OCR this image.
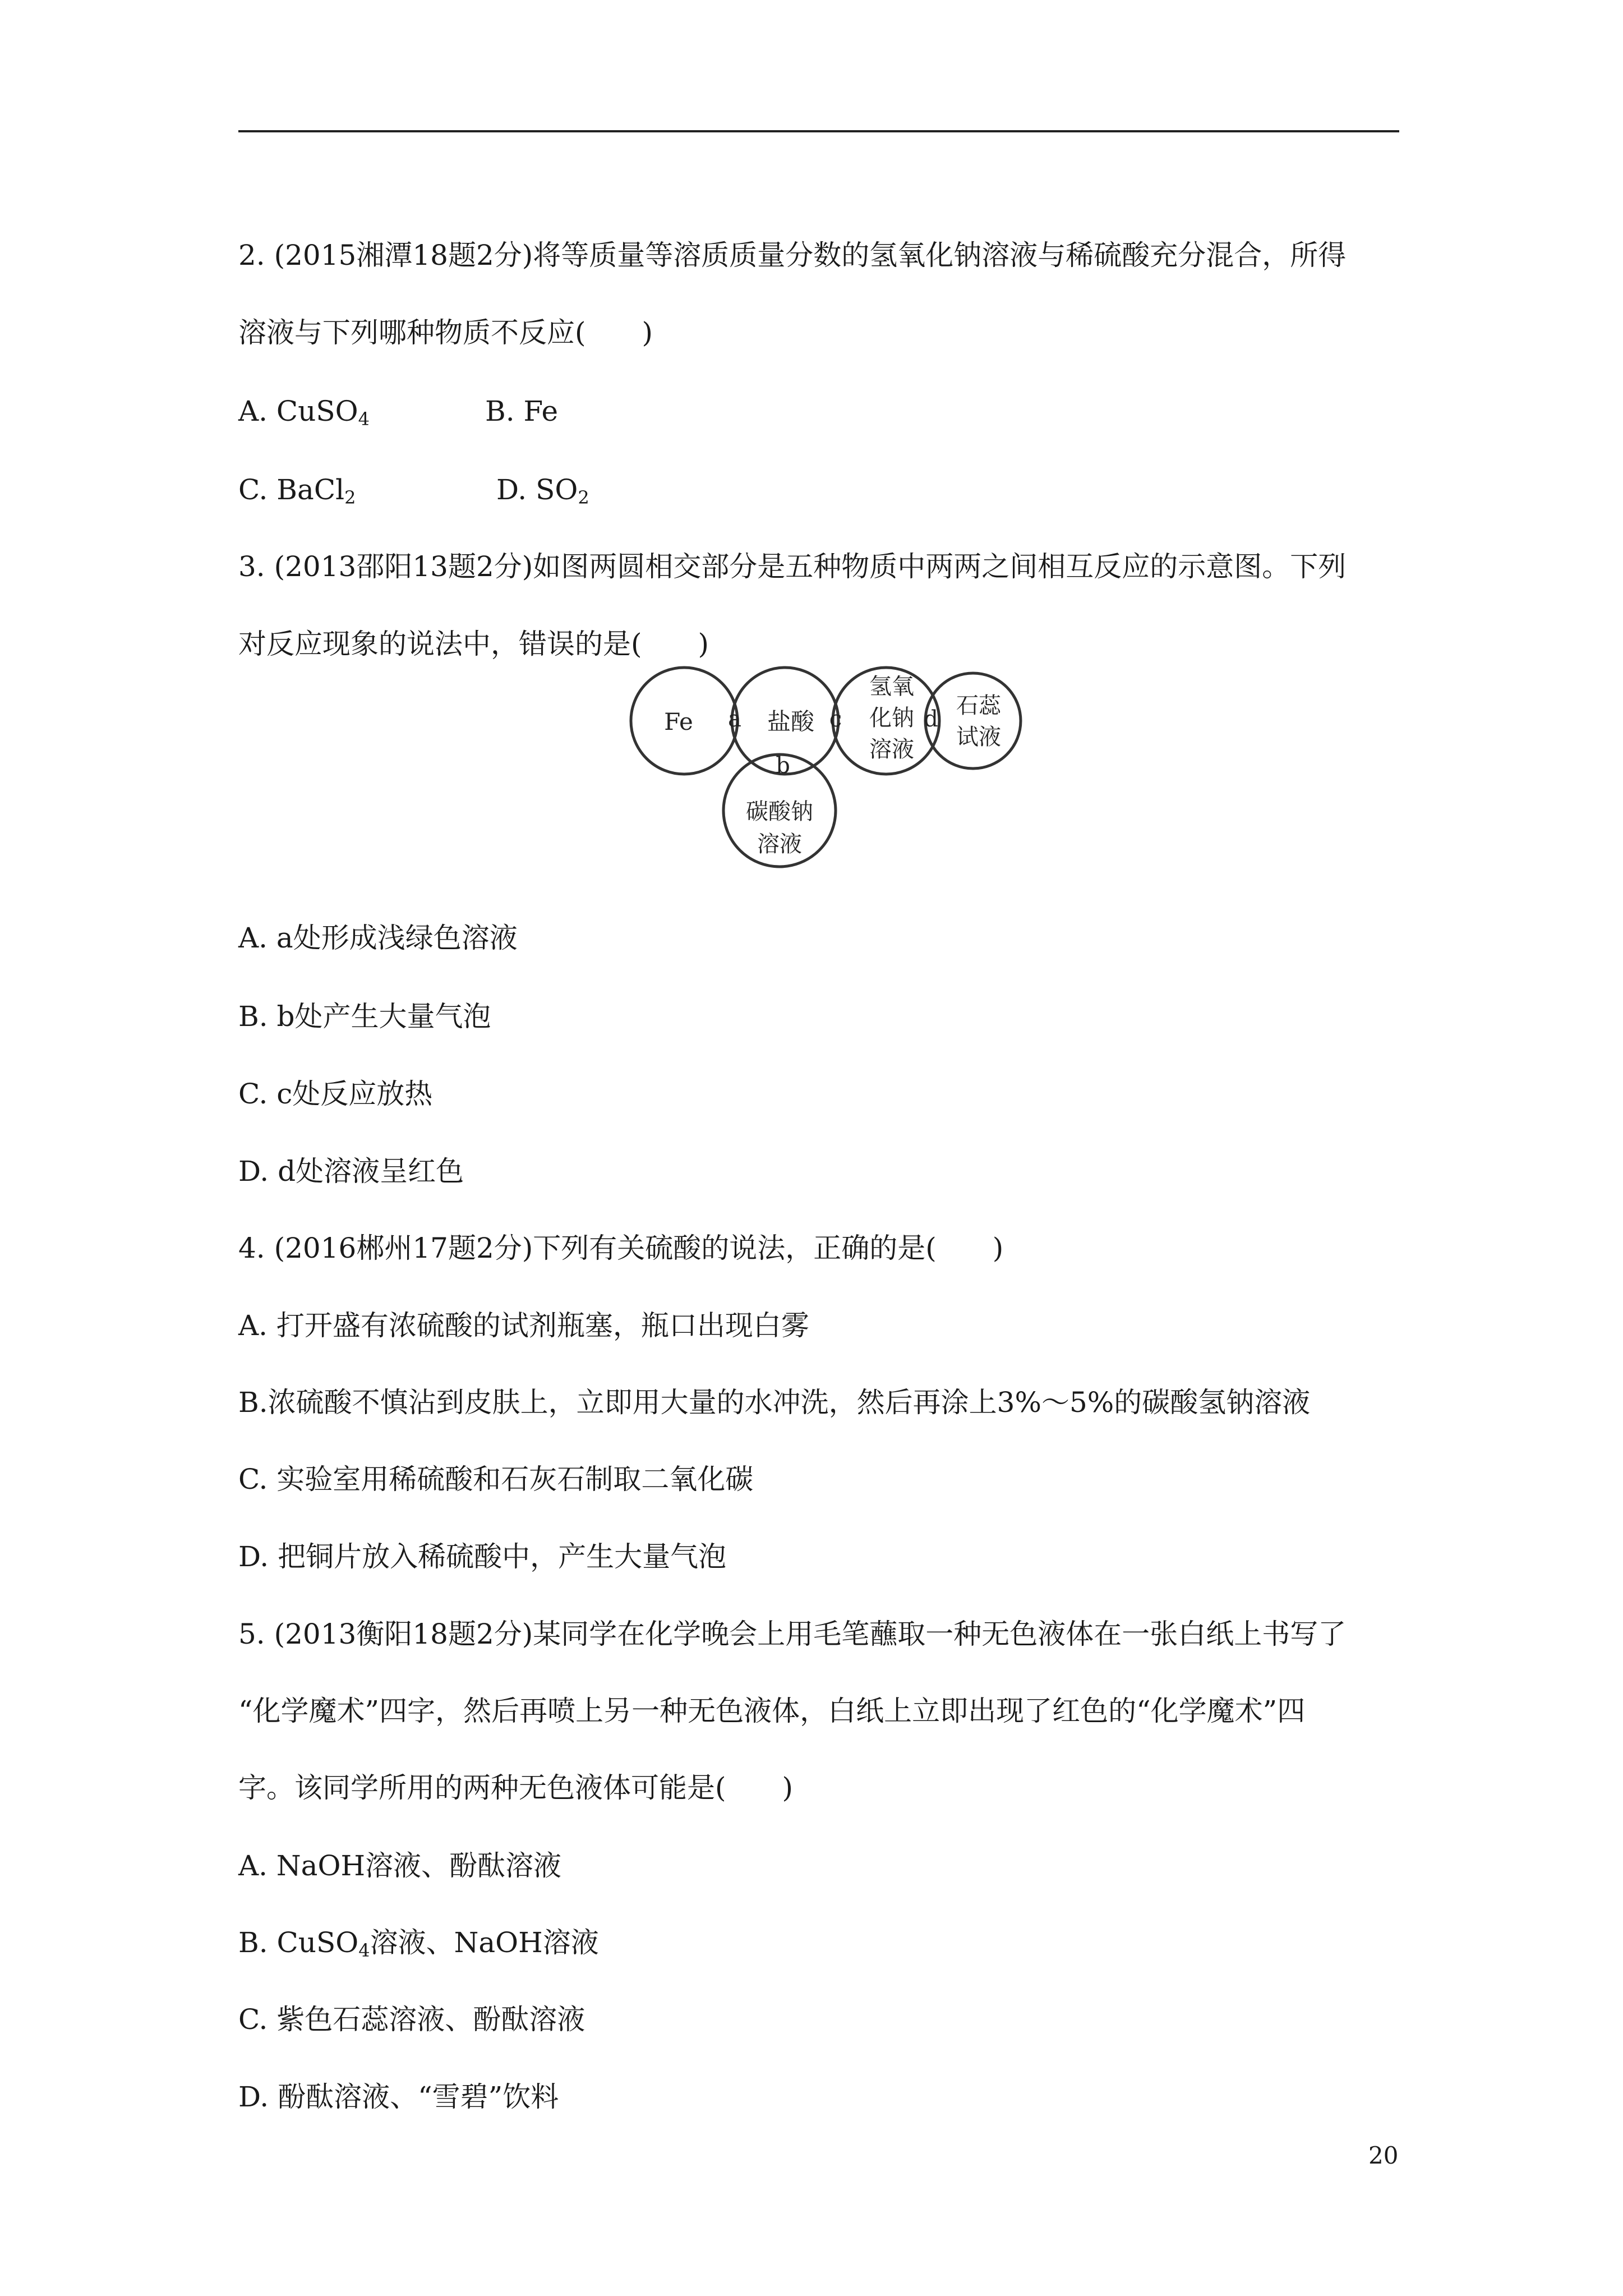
2. (2015湘潭18题2分)将等质量等溶质质量分数的氢氧化钠溶液与稀硫酸充分混合，所得
溶液与下列哪种物质不反应(　　)
A. CuSO$_4$	B. Fe
C. BaCl$_2$	D. $SO_2$
3. (2013邵阳13题2分)如图两圆相交部分是五种物质中两两之间相互反应的示意图。下列
对反应现象的说法中，错误的是(　　)
Fe	盐酸
氢氧
化钠
溶液
石蕊
试液
碳酸钠
溶液
a
b
c	d
A. a处形成浅绿色溶液
B. b处产生大量气泡
C. c处反应放热
D. d处溶液呈红色
4. (2016郴州17题2分)下列有关硫酸的说法，正确的是(　　)
A. 打开盛有浓硫酸的试剂瓶塞，瓶口出现白雾
B.浓硫酸不慎沾到皮肤上，立即用大量的水冲洗，然后再涂上3%～5%的碳酸氢钠溶液
C. 实验室用稀硫酸和石灰石制取二氧化碳
D. 把铜片放入稀硫酸中，产生大量气泡
5. (2013衡阳18题2分)某同学在化学晚会上用毛笔蘸取一种无色液体在一张白纸上书写了
“化学魔术”四字，然后再喷上另一种无色液体，白纸上立即出现了红色的“化学魔术”四
字。该同学所用的两种无色液体可能是(　　)
A. NaOH溶液、酚酞溶液
B. CuSO$_4$溶液、NaOH溶液
C. 紫色石蕊溶液、酚酞溶液
D. 酚酞溶液、“雪碧”饮料
20
